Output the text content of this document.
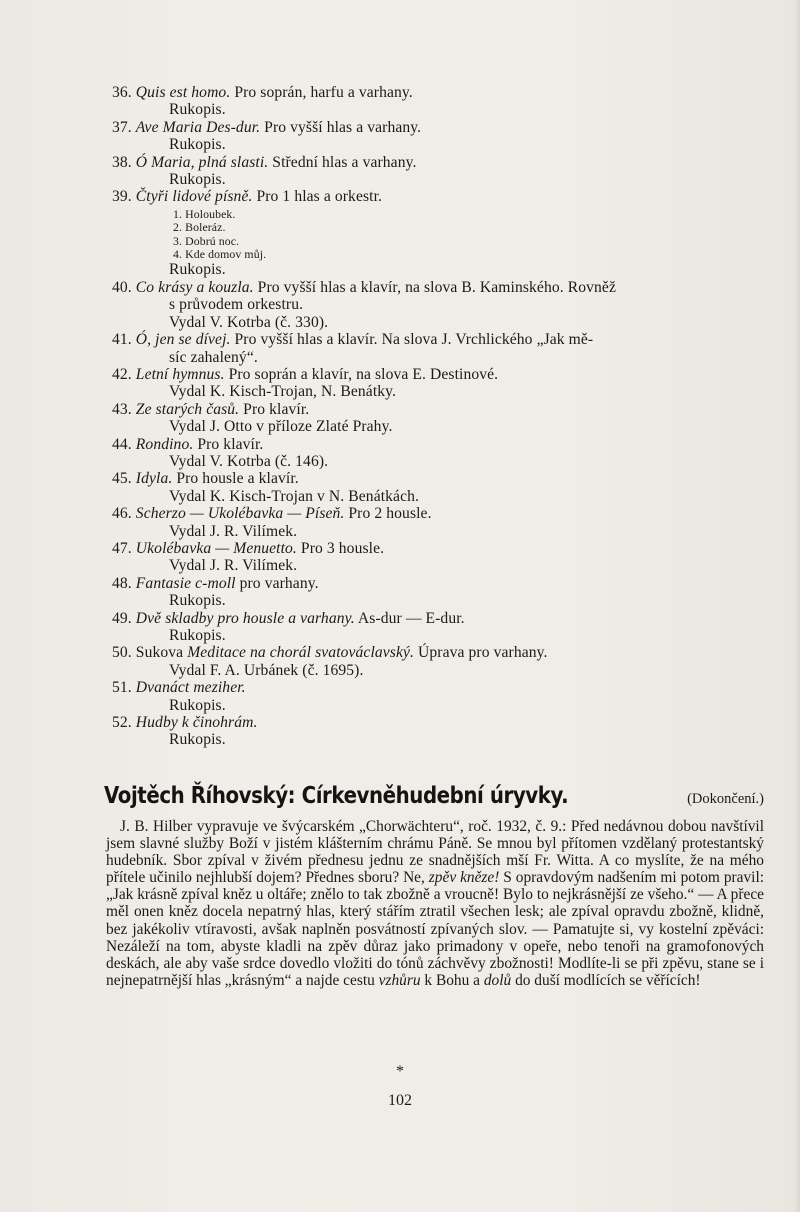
36. Quis est homo. Pro soprán, harfu a varhany.
Rukopis.
37. Ave Maria Des-dur. Pro vyšší hlas a varhany.
Rukopis.
38. Ó Maria, plná slasti. Střední hlas a varhany.
Rukopis.
39. Čtyři lidové písně. Pro 1 hlas a orkestr.
1. Holoubek.
2. Boleráz.
3. Dobrú noc.
4. Kde domov můj.
Rukopis.
40. Co krásy a kouzla. Pro vyšší hlas a klavír, na slova B. Kaminského. Rovněž
s průvodem orkestru.
Vydal V. Kotrba (č. 330).
41. Ó, jen se dívej. Pro vyšší hlas a klavír. Na slova J. Vrchlického „Jak mě-
síc zahalený“.
42. Letní hymnus. Pro soprán a klavír, na slova E. Destinové.
Vydal K. Kisch-Trojan, N. Benátky.
43. Ze starých časů. Pro klavír.
Vydal J. Otto v příloze Zlaté Prahy.
44. Rondino. Pro klavír.
Vydal V. Kotrba (č. 146).
45. Idyla. Pro housle a klavír.
Vydal K. Kisch-Trojan v N. Benátkách.
46. Scherzo — Ukolébavka — Píseň. Pro 2 housle.
Vydal J. R. Vilímek.
47. Ukolébavka — Menuetto. Pro 3 housle.
Vydal J. R. Vilímek.
48. Fantasie c-moll pro varhany.
Rukopis.
49. Dvě skladby pro housle a varhany. As-dur — E-dur.
Rukopis.
50. Sukova Meditace na chorál svatováclavský. Úprava pro varhany.
Vydal F. A. Urbánek (č. 1695).
51. Dvanáct meziher.
Rukopis.
52. Hudby k činohrám.
Rukopis.
Vojtěch Říhovský: Církevněhudební úryvky.	(Dokončení.)

J. B. Hilber vypravuje ve švýcarském „Chorwächteru“, roč. 1932, č. 9.: Před nedávnou dobou navštívil jsem slavné služby Boží v jistém klášterním chrámu Páně. Se mnou byl přítomen vzdělaný protestantský hudebník. Sbor zpíval v živém přednesu jednu ze snadnějších mší Fr. Witta. A co myslíte, že na mého přítele učinilo nejhlubší dojem? Přednes sboru? Ne, zpěv kněze! S opravdovým nadšením mi potom pravil: „Jak krásně zpíval kněz u oltáře; znělo to tak zbožně a vroucně! Bylo to nejkrásnější ze všeho.“ — A přece měl onen kněz docela nepatrný hlas, který stářím ztratil všechen lesk; ale zpíval opravdu zbožně, klidně, bez jakékoliv vtíravosti, avšak naplněn posvátností zpívaných slov. — Pamatujte si, vy kostelní zpěváci: Nezáleží na tom, abyste kladli na zpěv důraz jako primadony v opeře, nebo tenoři na gramofonových deskách, ale aby vaše srdce dovedlo vložiti do tónů záchvěvy zbožnosti! Modlíte-li se při zpěvu, stane se i nejnepatrnější hlas „krásným“ a najde cestu vzhůru k Bohu a dolů do duší modlících se věřících!

*
102
